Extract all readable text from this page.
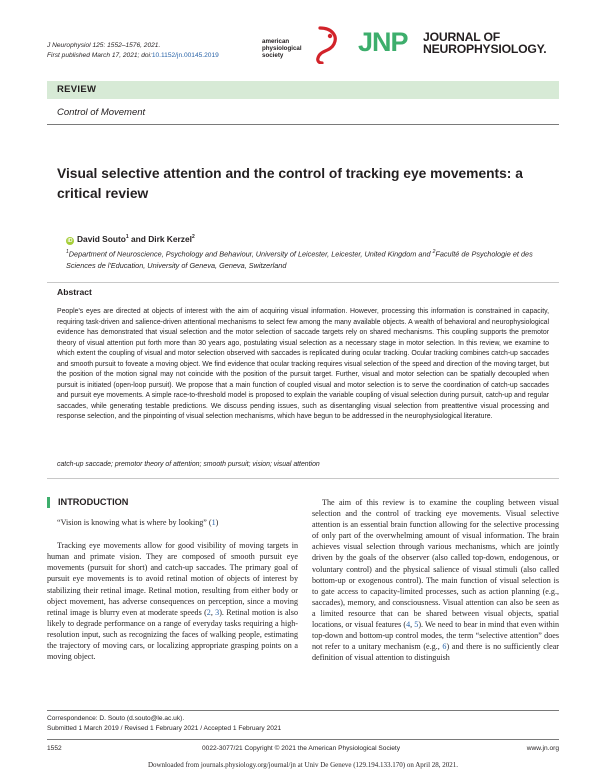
J Neurophysiol 125: 1552–1576, 2021.
First published March 17, 2021; doi:10.1152/jn.00145.2019
american
physiological
society	JNP JOURNAL OF
NEUROPHYSIOLOGY.
REVIEW
Control of Movement
Visual selective attention and the control of tracking eye movements: a critical review
iD David Souto$^1$ and Dirk Kerzel$^2$
$^1$Department of Neuroscience, Psychology and Behaviour, University of Leicester, Leicester, United Kingdom and $^2$Faculté de Psychologie et des Sciences de l'Education, University of Geneva, Geneva, Switzerland
Abstract
People's eyes are directed at objects of interest with the aim of acquiring visual information. However, processing this information is constrained in capacity, requiring task-driven and salience-driven attentional mechanisms to select few among the many available objects. A wealth of behavioral and neurophysiological evidence has demonstrated that visual selection and the motor selection of saccade targets rely on shared mechanisms. This coupling supports the premotor theory of visual attention put forth more than 30 years ago, postulating visual selection as a necessary stage in motor selection. In this review, we examine to which extent the coupling of visual and motor selection observed with saccades is replicated during ocular tracking. Ocular tracking combines catch-up saccades and smooth pursuit to foveate a moving object. We find evidence that ocular tracking requires visual selection of the speed and direction of the moving target, but the position of the motion signal may not coincide with the position of the pursuit target. Further, visual and motor selection can be spatially decoupled when pursuit is initiated (open-loop pursuit). We propose that a main function of coupled visual and motor selection is to serve the coordination of catch-up saccades and pursuit eye movements. A simple race-to-threshold model is proposed to explain the variable coupling of visual selection during pursuit, catch-up and regular saccades, while generating testable predictions. We discuss pending issues, such as disentangling visual selection from preattentive visual processing and response selection, and the pinpointing of visual selection mechanisms, which have begun to be addressed in the neurophysiological literature.
catch-up saccade; premotor theory of attention; smooth pursuit; vision; visual attention
INTRODUCTION

“Vision is knowing what is where by looking” (1)

Tracking eye movements allow for good visibility of moving targets in human and primate vision. They are composed of smooth pursuit eye movements (pursuit for short) and catch-up saccades. The primary goal of pursuit eye movements is to avoid retinal motion of objects of interest by stabilizing their retinal image. Retinal motion, resulting from either body or object movement, has adverse consequences on perception, since a moving retinal image is blurry even at moderate speeds (2, 3). Retinal motion is also likely to degrade performance on a range of everyday tasks requiring a high-resolution input, such as recognizing the faces of walking people, estimating the trajectory of moving cars, or localizing appropriate grasping points on a moving object.

The aim of this review is to examine the coupling between visual selection and the control of tracking eye movements. Visual selective attention is an essential brain function allowing for the selective processing of only part of the overwhelming amount of visual information. The brain achieves visual selection through various mechanisms, which are jointly driven by the goals of the observer (also called top-down, endogenous, or voluntary control) and the physical salience of visual stimuli (also called bottom-up or exogenous control). The main function of visual selection is to gate access to capacity-limited processes, such as action planning (e.g., saccades), memory, and consciousness. Visual attention can also be seen as a limited resource that can be shared between visual objects, spatial locations, or visual features (4, 5). We need to bear in mind that even within top-down and bottom-up control modes, the term “selective attention” does not refer to a unitary mechanism (e.g., 6) and there is no sufficiently clear definition of visual attention to distinguish

Correspondence: D. Souto (d.souto@le.ac.uk).
Submitted 1 March 2019 / Revised 1 February 2021 / Accepted 1 February 2021
1552	0022-3077/21 Copyright © 2021 the American Physiological Society	www.jn.org
Downloaded from journals.physiology.org/journal/jn at Univ De Geneve (129.194.133.170) on April 28, 2021.
